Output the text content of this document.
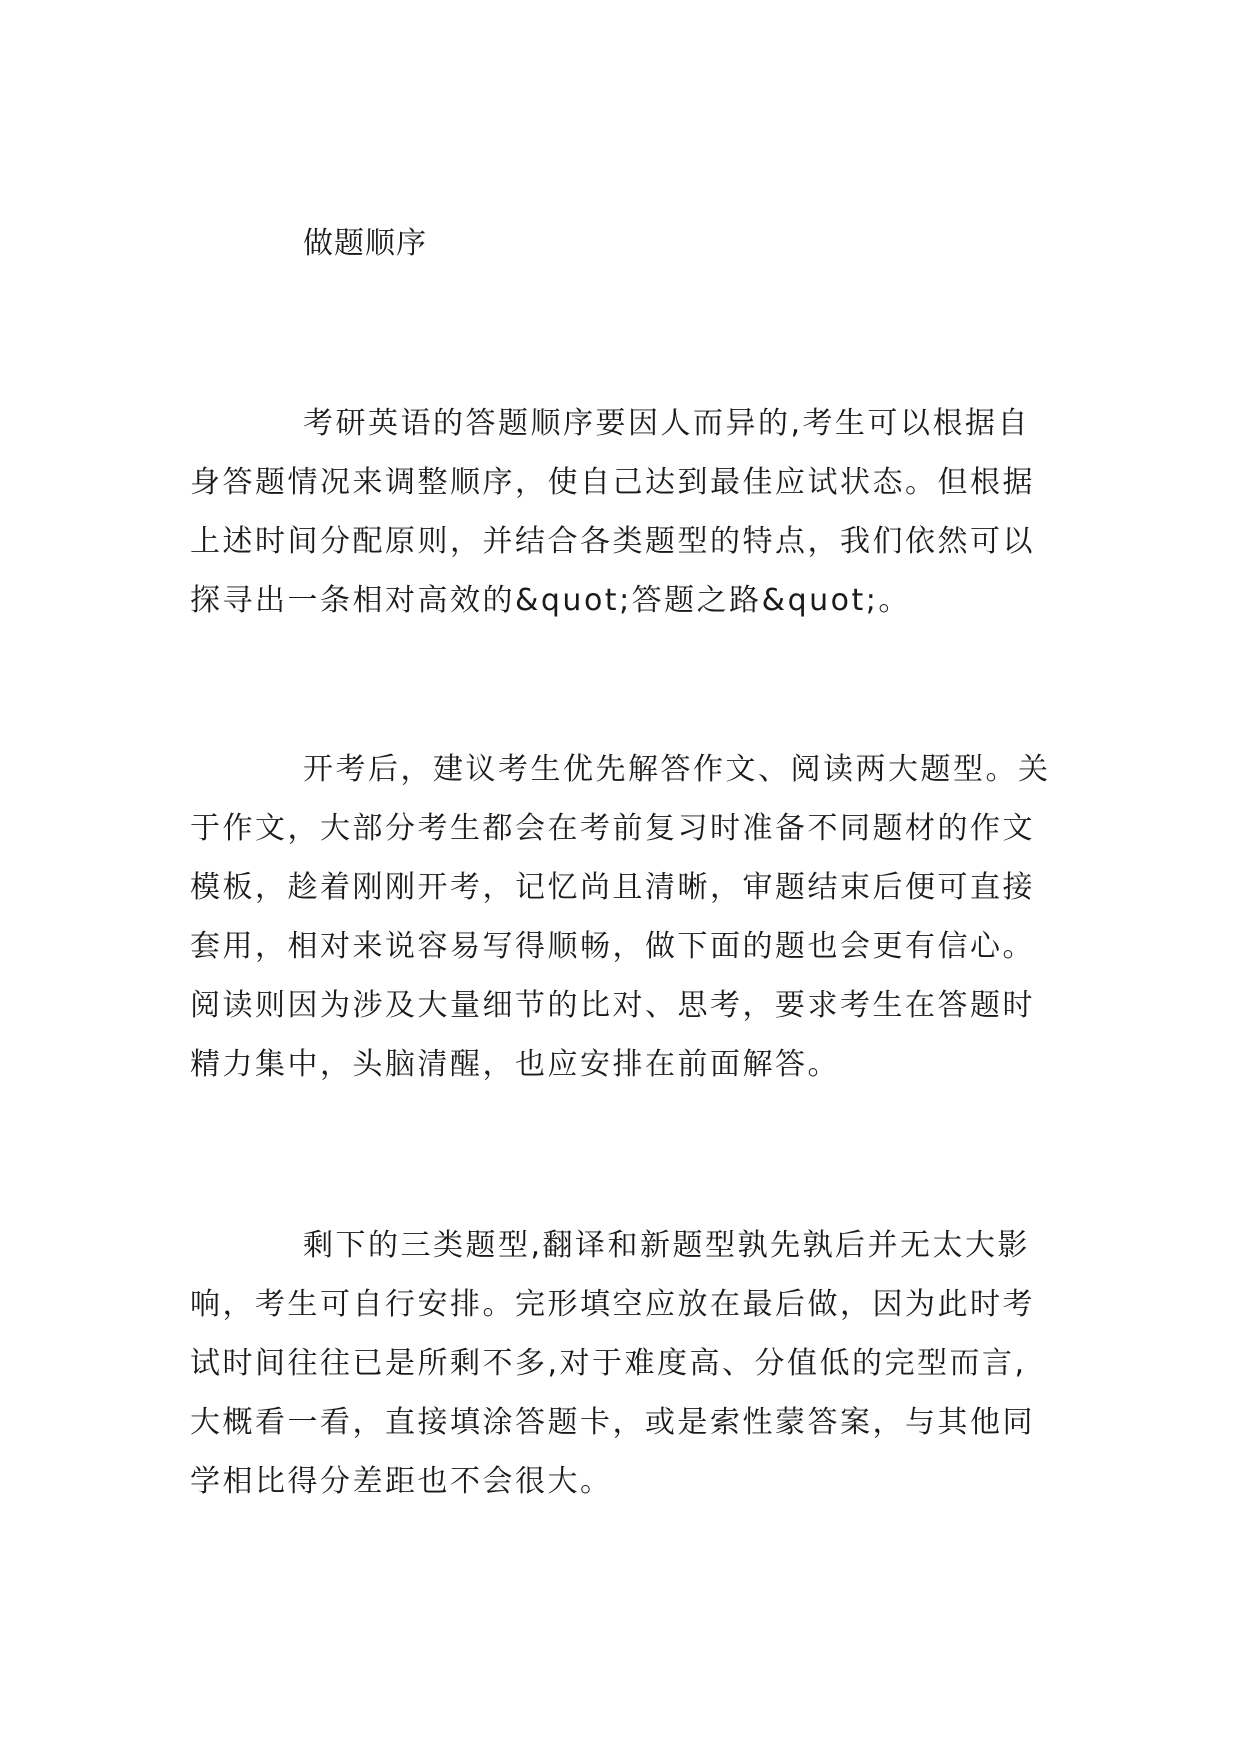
做题顺序
考研英语的答题顺序要因人而异的,考生可以根据自
身答题情况来调整顺序，使自己达到最佳应试状态。但根据
上述时间分配原则，并结合各类题型的特点，我们依然可以
探寻出一条相对高效的&quot;答题之路&quot;。
开考后，建议考生优先解答作文、阅读两大题型。关
于作文，大部分考生都会在考前复习时准备不同题材的作文
模板，趁着刚刚开考，记忆尚且清晰，审题结束后便可直接
套用，相对来说容易写得顺畅，做下面的题也会更有信心。
阅读则因为涉及大量细节的比对、思考，要求考生在答题时
精力集中，头脑清醒，也应安排在前面解答。
剩下的三类题型,翻译和新题型孰先孰后并无太大影
响，考生可自行安排。完形填空应放在最后做，因为此时考
试时间往往已是所剩不多,对于难度高、分值低的完型而言,
大概看一看，直接填涂答题卡，或是索性蒙答案，与其他同
学相比得分差距也不会很大。
